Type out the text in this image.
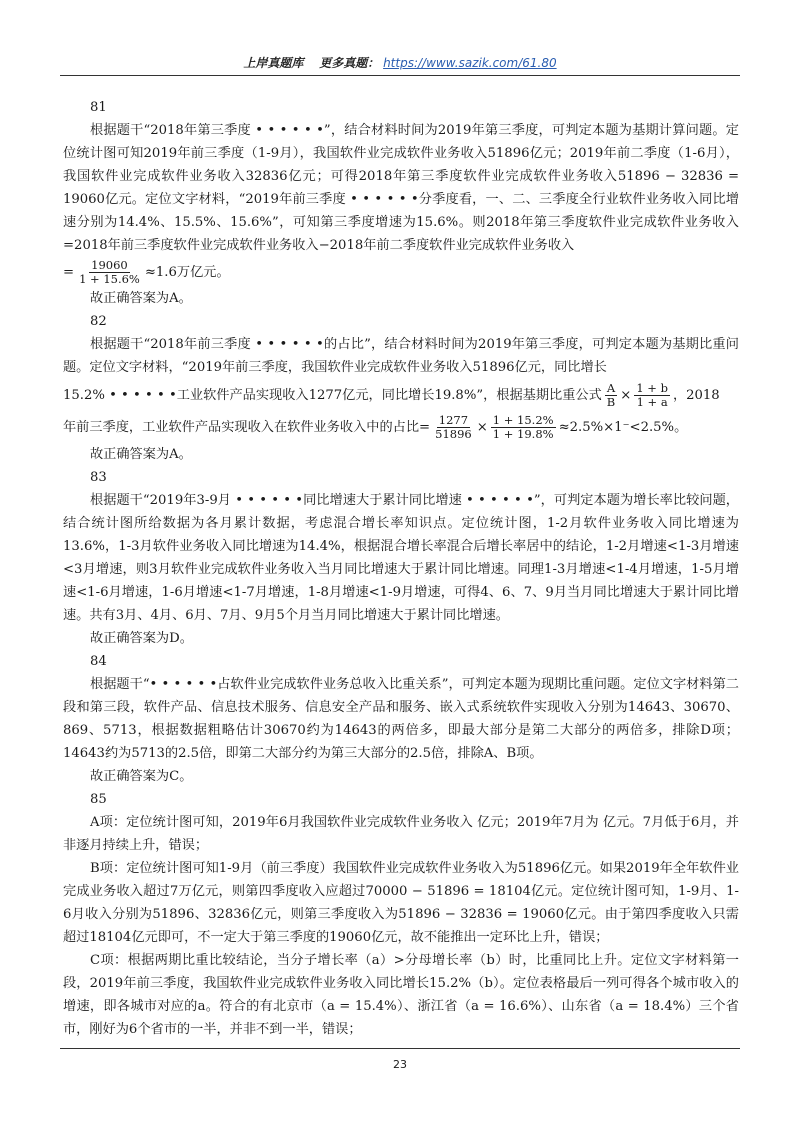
上岸真题库 更多真题： https://www.sazik.com/61.80

81

根据题干“2018年第三季度 • • • • • •”，结合材料时间为2019年第三季度，可判定本题为基期计算问题。定位统计图可知2019年前三季度（1-9月），我国软件业完成软件业务收入51896亿元；2019年前二季度（1-6月），我国软件业完成软件业务收入32836亿元；可得2018年第三季度软件业完成软件业务收入51896 − 32836 = 19060亿元。定位文字材料，“2019年前三季度 • • • • • •分季度看，一、二、三季度全行业软件业务收入同比增速分别为14.4%、15.5%、15.6%”，可知第三季度增速为15.6%。则2018年第三季度软件业完成软件业务收入=2018年前三季度软件业完成软件业务收入−2018年前二季度软件业完成软件业务收入

= $\frac{19060}{1 + 15.6\%} \approx 1.6$万亿元。

故正确答案为A。

82

根据题干“2018年前三季度 • • • • • •的占比”，结合材料时间为2019年第三季度，可判定本题为基期比重问题。定位文字材料，“2019年前三季度，我国软件业完成软件业务收入51896亿元，同比增长

15.2% • • • • • •工业软件产品实现收入1277亿元，同比增长19.8%”，根据基期比重公式 $\frac{A}{B} \times \frac{1 + b}{1 + a}$ ，2018

年前三季度，工业软件产品实现收入在软件业务收入中的占比= $\frac{1277}{51896} \times \frac{1 + 15.2\%}{1 + 19.8\%} \approx 2.5\%\times 1^-<2.5\%$。

故正确答案为A。

83

根据题干“2019年3-9月 • • • • • •同比增速大于累计同比增速 • • • • • •”，可判定本题为增长率比较问题，结合统计图所给数据为各月累计数据，考虑混合增长率知识点。定位统计图，1-2月软件业务收入同比增速为13.6%，1-3月软件业务收入同比增速为14.4%，根据混合增长率混合后增长率居中的结论，1-2月增速<1-3月增速<3月增速，则3月软件业完成软件业务收入当月同比增速大于累计同比增速。同理1-3月增速<1-4月增速，1-5月增速<1-6月增速，1-6月增速<1-7月增速，1-8月增速<1-9月增速，可得4、6、7、9月当月同比增速大于累计同比增速。共有3月、4月、6月、7月、9月5个月当月同比增速大于累计同比增速。

故正确答案为D。

84

根据题干“• • • • • •占软件业完成软件业务总收入比重关系”，可判定本题为现期比重问题。定位文字材料第二段和第三段，软件产品、信息技术服务、信息安全产品和服务、嵌入式系统软件实现收入分别为14643、30670、869、5713，根据数据粗略估计30670约为14643的两倍多，即最大部分是第二大部分的两倍多，排除D项；14643约为5713的2.5倍，即第二大部分约为第三大部分的2.5倍，排除A、B项。

故正确答案为C。

85

A项：定位统计图可知，2019年6月我国软件业完成软件业务收入 亿元；2019年7月为 亿元。7月低于6月，并非逐月持续上升，错误；

B项：定位统计图可知1-9月（前三季度）我国软件业完成软件业务收入为51896亿元。如果2019年全年软件业完成业务收入超过7万亿元，则第四季度收入应超过70000 − 51896 = 18104亿元。定位统计图可知，1-9月、1-6月收入分别为51896、32836亿元，则第三季度收入为51896 − 32836 = 19060亿元。由于第四季度收入只需超过18104亿元即可，不一定大于第三季度的19060亿元，故不能推出一定环比上升，错误；

C项：根据两期比重比较结论，当分子增长率（a）>分母增长率（b）时，比重同比上升。定位文字材料第一段，2019年前三季度，我国软件业完成软件业务收入同比增长15.2%（b）。定位表格最后一列可得各个城市收入的增速，即各城市对应的a。符合的有北京市（a = 15.4%）、浙江省（a = 16.6%）、山东省（a = 18.4%）三个省市，刚好为6个省市的一半，并非不到一半，错误；

23
